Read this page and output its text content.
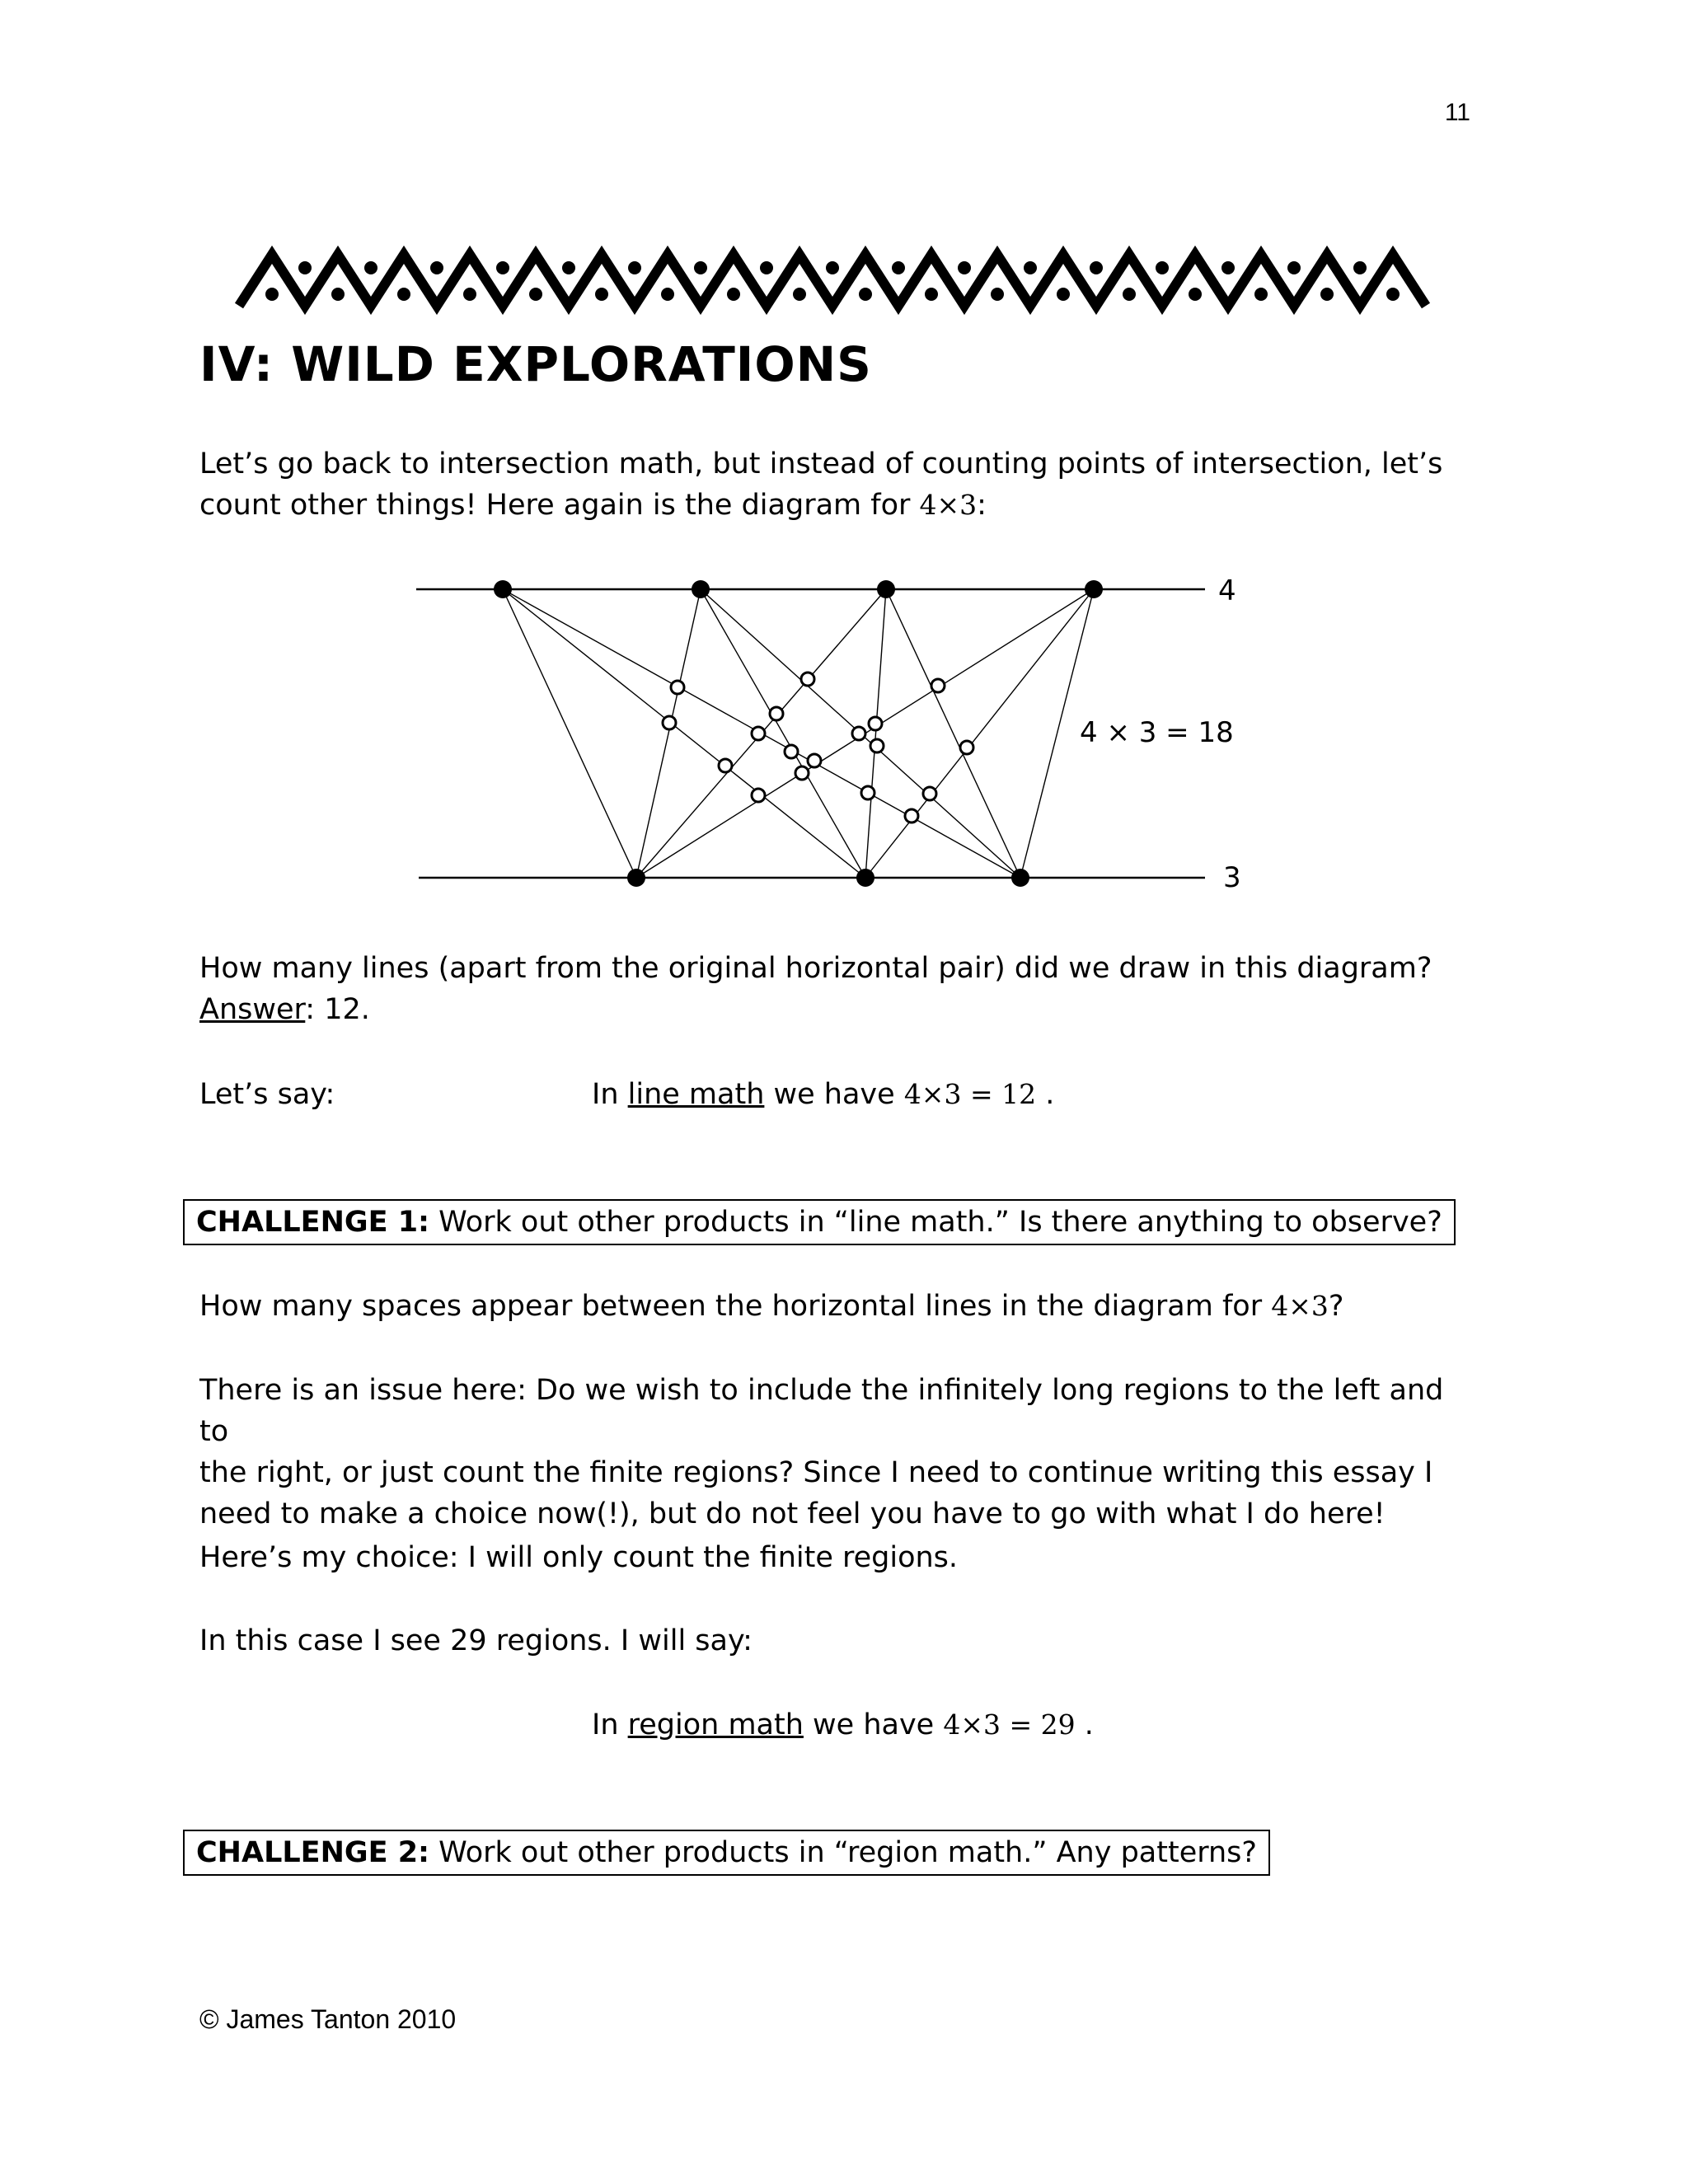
11
IV: WILD EXPLORATIONS

Let’s go back to intersection math, but instead of counting points of intersection, let’s
count other things! Here again is the diagram for 4×3:

4
3
4 × 3 = 18

How many lines (apart from the original horizontal pair) did we draw in this diagram?
Answer: 12.

Let’s say:	In line math we have 4×3 = 12 .

CHALLENGE 1: Work out other products in “line math.” Is there anything to observe?

How many spaces appear between the horizontal lines in the diagram for 4×3?

There is an issue here: Do we wish to include the infinitely long regions to the left and to
the right, or just count the finite regions? Since I need to continue writing this essay I
need to make a choice now(!), but do not feel you have to go with what I do here!

Here’s my choice: I will only count the finite regions.

In this case I see 29 regions. I will say:

In region math we have 4×3 = 29 .

CHALLENGE 2: Work out other products in “region math.” Any patterns?
© James Tanton 2010
